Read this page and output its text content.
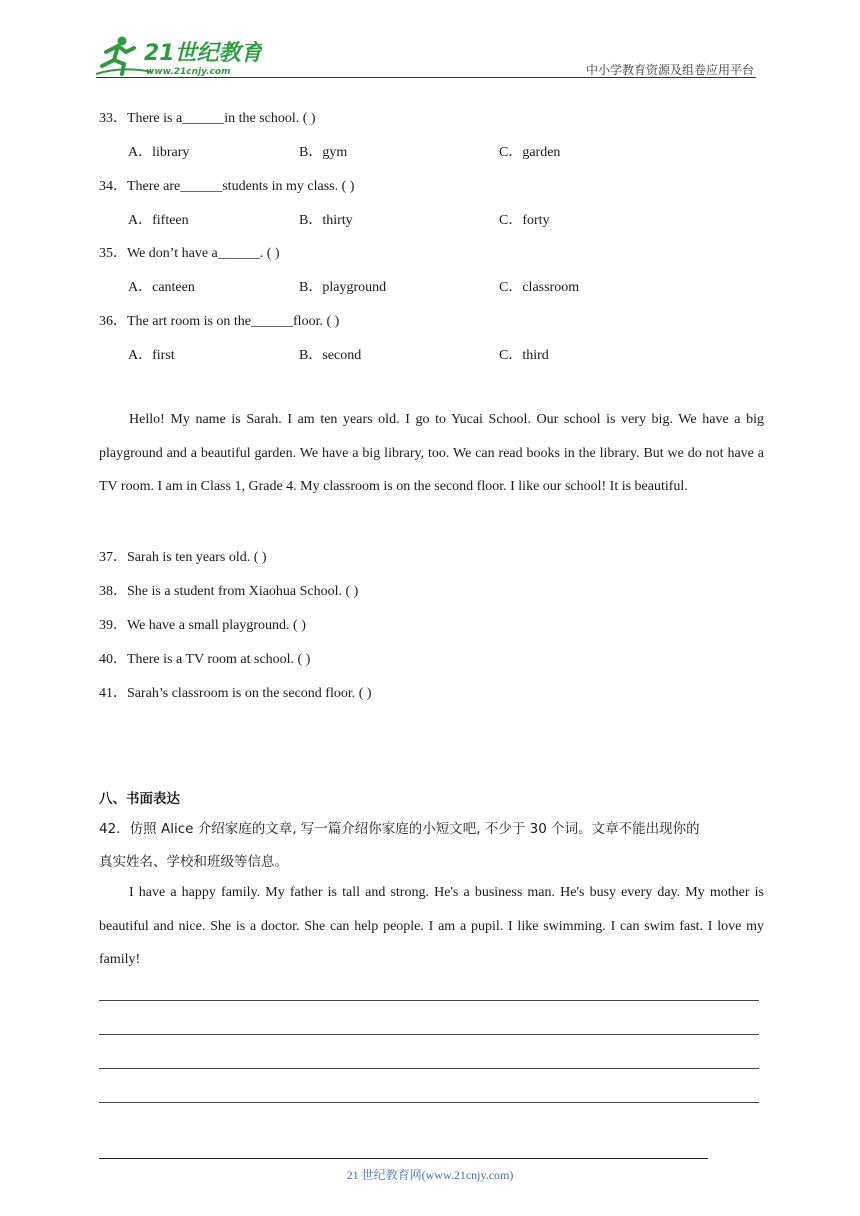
21世纪教育
www.21cnjy.com	中小学教育资源及组卷应用平台
33．There is a______in the school. ( )
A．library	B．gym	C．garden
34．There are______students in my class. ( )
A．fifteen	B．thirty	C．forty
35．We don’t have a______. ( )
A．canteen	B．playground	C．classroom
36．The art room is on the______floor. ( )
A．first	B．second	C．third
Hello! My name is Sarah. I am ten years old. I go to Yucai School. Our school is very big. We have a big playground and a beautiful garden. We have a big library, too. We can read books in the library. But we do not have a TV room. I am in Class 1, Grade 4. My classroom is on the second floor. I like our school! It is beautiful.
37．Sarah is ten years old. ( )
38．She is a student from Xiaohua School. ( )
39．We have a small playground. ( )
40．There is a TV room at school. ( )
41．Sarah’s classroom is on the second floor. ( )
八、书面表达
42．仿照 Alice 介绍家庭的文章, 写一篇介绍你家庭的小短文吧, 不少于 30 个词。文章不能出现你的
真实姓名、学校和班级等信息。
I have a happy family. My father is tall and strong. He's a business man. He's busy every day. My mother is beautiful and nice. She is a doctor. She can help people. I am a pupil. I like swimming. I can swim fast. I love my family!
21 世纪教育网(www.21cnjy.com)
